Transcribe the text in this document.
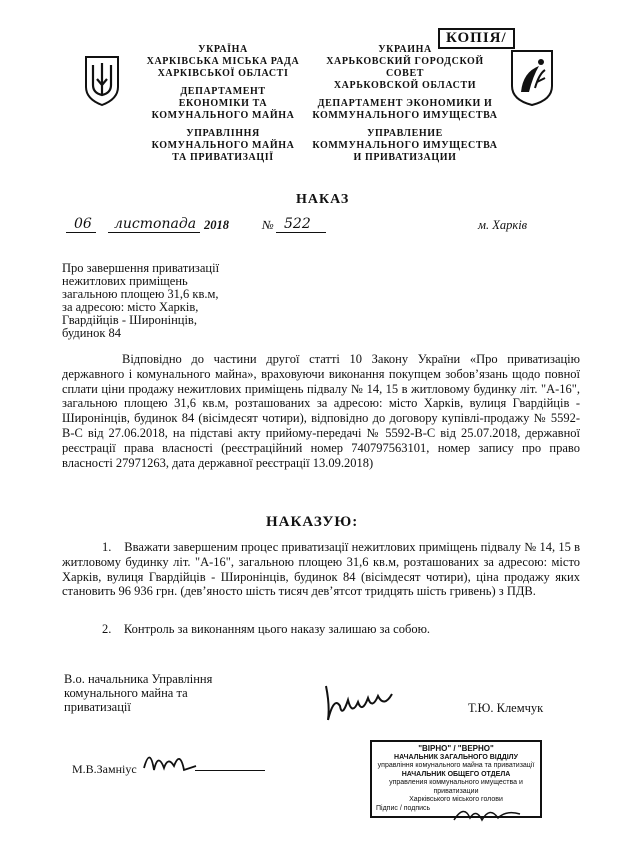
УКРАЇНА

ХАРКІВСЬКА МІСЬКА РАДА

ХАРКІВСЬКОЇ ОБЛАСТІ

ДЕПАРТАМЕНТ

ЕКОНОМІКИ ТА

КОМУНАЛЬНОГО МАЙНА

УПРАВЛІННЯ

КОМУНАЛЬНОГО МАЙНА

ТА ПРИВАТИЗАЦІЇ

УКРАИНА

ХАРЬКОВСКИЙ ГОРОДСКОЙ

СОВЕТ

ХАРЬКОВСКОЙ ОБЛАСТИ

ДЕПАРТАМЕНТ ЭКОНОМИКИ И

КОММУНАЛЬНОГО ИМУЩЕСТВА

УПРАВЛЕНИЕ

КОММУНАЛЬНОГО ИМУЩЕСТВА

И ПРИВАТИЗАЦИИ

КОПІЯ/
НАКАЗ
06 листопада 2018	№ 522	м. Харків
Про завершення приватизації
нежитлових приміщень
загальною площею 31,6 кв.м,
за адресою: місто Харків,
Гвардійців - Широнінців,
будинок 84
Відповідно до частини другої статті 10 Закону України «Про приватизацію державного і комунального майна», враховуючи виконання покупцем зобов’язань щодо повної сплати ціни продажу нежитлових приміщень підвалу № 14, 15 в житловому будинку літ. "А-16", загальною площею 31,6 кв.м, розташованих за адресою: місто Харків, вулиця Гвардійців - Широнінців, будинок 84 (вісімдесят чотири), відповідно до договору купівлі-продажу № 5592-В-С від 27.06.2018, на підставі акту прийому-передачі № 5592-В-С від 25.07.2018, державної реєстрації права власності (реєстраційний номер 740797563101, номер запису про право власності 27971263, дата державної реєстрації 13.09.2018)
НАКАЗУЮ:
1. Вважати завершеним процес приватизації нежитлових приміщень підвалу № 14, 15 в житловому будинку літ. "А-16", загальною площею 31,6 кв.м, розташованих за адресою: місто Харків, вулиця Гвардійців - Широнінців, будинок 84 (вісімдесят чотири), ціна продажу яких становить 96 936 грн. (дев’яносто шість тисяч дев’ятсот тридцять шість гривень) з ПДВ.
2. Контроль за виконанням цього наказу залишаю за собою.
В.о. начальника Управління
комунального майна та
приватизації	Т.Ю. Клемчук
М.В.Замніус
"ВІРНО" / "ВЕРНО"
НАЧАЛЬНИК ЗАГАЛЬНОГО ВІДДІЛУ
управління комунального майна та приватизації
НАЧАЛЬНИК ОБЩЕГО ОТДЕЛА
управления коммунального имущества и приватизации
Харківського міського голови
Підпис / подпись
